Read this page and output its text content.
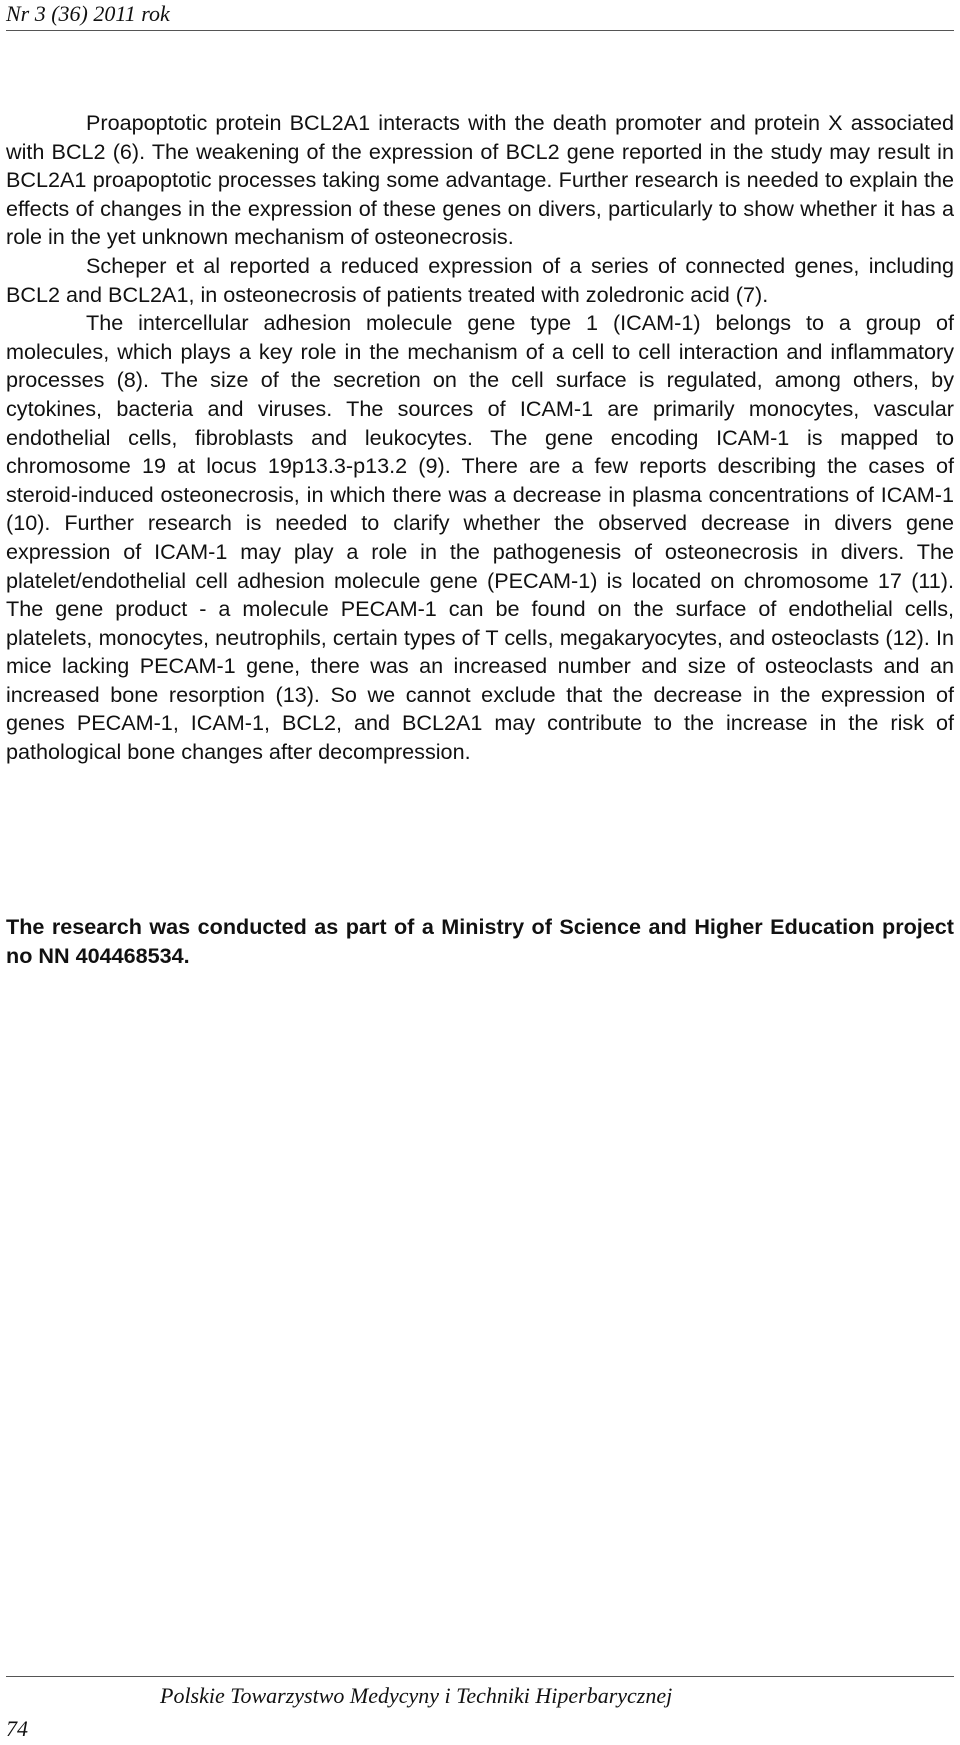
Nr 3 (36) 2011 rok

Proapoptotic protein BCL2A1 interacts with the death promoter and protein X associated with BCL2 (6). The weakening of the expression of BCL2 gene reported in the study may result in BCL2A1 proapoptotic processes taking some advantage. Further research is needed to explain the effects of changes in the expression of these genes on divers, particularly to show whether it has a role in the yet unknown mechanism of osteonecrosis.

Scheper et al reported a reduced expression of a series of connected genes, including BCL2 and BCL2A1, in osteonecrosis of patients treated with zoledronic acid (7).

The intercellular adhesion molecule gene type 1 (ICAM-1) belongs to a group of molecules, which plays a key role in the mechanism of a cell to cell interaction and inflammatory processes (8). The size of the secretion on the cell surface is regulated, among others, by cytokines, bacteria and viruses. The sources of ICAM-1 are primarily monocytes, vascular endothelial cells, fibroblasts and leukocytes. The gene encoding ICAM-1 is mapped to chromosome 19 at locus 19p13.3-p13.2 (9). There are a few reports describing the cases of steroid-induced osteonecrosis, in which there was a decrease in plasma concentrations of ICAM-1 (10). Further research is needed to clarify whether the observed decrease in divers gene expression of ICAM-1 may play a role in the pathogenesis of osteonecrosis in divers. The platelet/endothelial cell adhesion molecule gene (PECAM-1) is located on chromosome 17 (11). The gene product - a molecule PECAM-1 can be found on the surface of endothelial cells, platelets, monocytes, neutrophils, certain types of T cells, megakaryocytes, and osteoclasts (12). In mice lacking PECAM-1 gene, there was an increased number and size of osteoclasts and an increased bone resorption (13). So we cannot exclude that the decrease in the expression of genes PECAM-1, ICAM-1, BCL2, and BCL2A1 may contribute to the increase in the risk of pathological bone changes after decompression.

The research was conducted as part of a Ministry of Science and Higher Education project no NN 404468534.

Polskie Towarzystwo Medycyny i Techniki Hiperbarycznej
74
